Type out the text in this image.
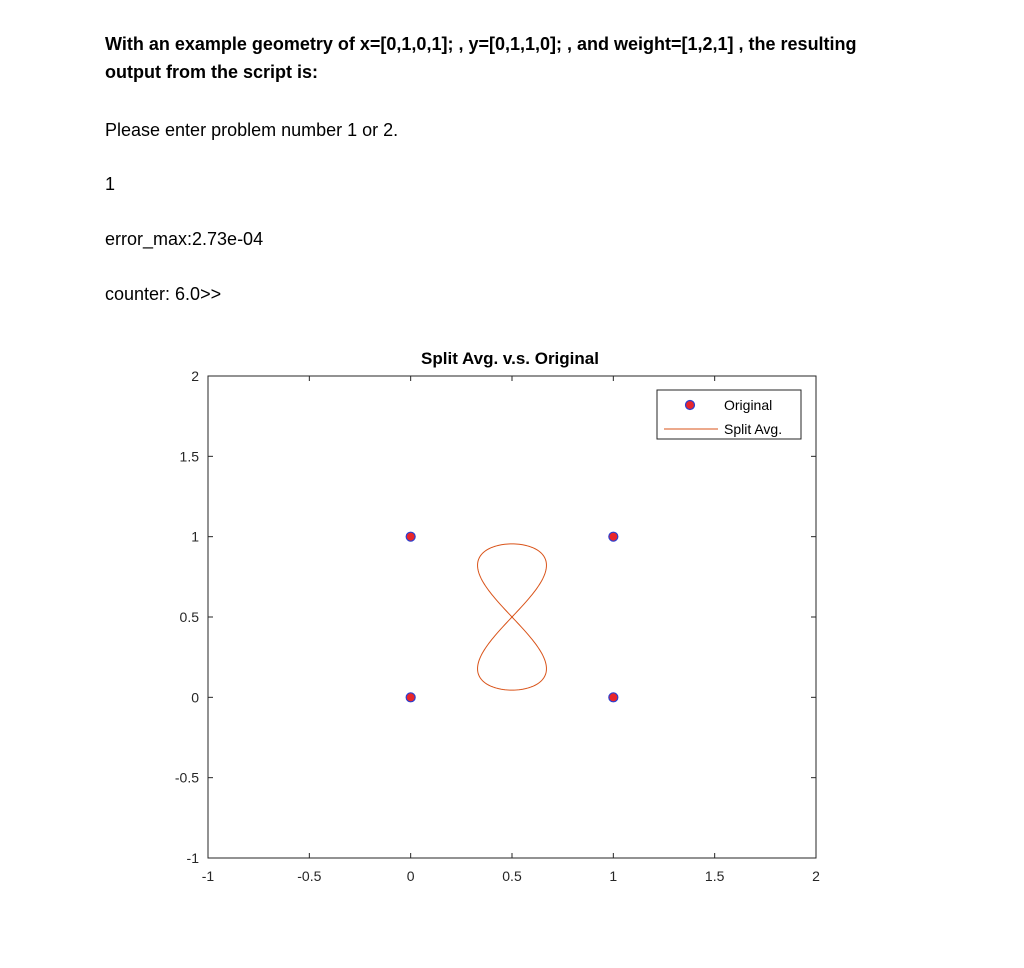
With an example geometry of x=[0,1,0,1]; , y=[0,1,1,0]; , and weight=[1,2,1] , the resulting
output from the script is:

Please enter problem number 1 or 2.
1
error_max:2.73e-04
counter: 6.0>>
Split Avg. v.s. Original
-1	-0.5	0	0.5	1	1.5	2
-1
-0.5
0
0.5
1
1.5
2
Original
Split Avg.
